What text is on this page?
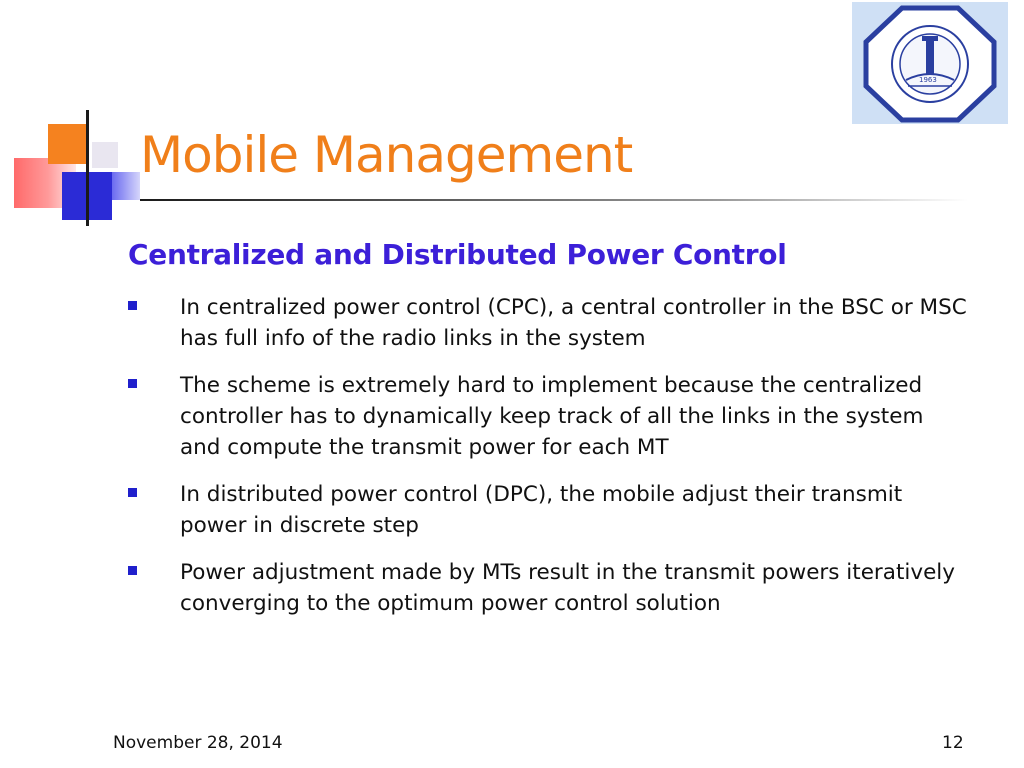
Mobile Management
1963
Centralized and Distributed Power Control
In centralized power control (CPC), a central controller in the BSC or MSC has full info of the radio links in the system
The scheme is extremely hard to implement because the centralized controller has to dynamically keep track of all the links in the system and compute the transmit power for each MT
In distributed power control (DPC), the mobile adjust their transmit power in discrete step
Power adjustment made by MTs result in the transmit powers iteratively converging to the optimum power control solution
November 28, 2014	12
